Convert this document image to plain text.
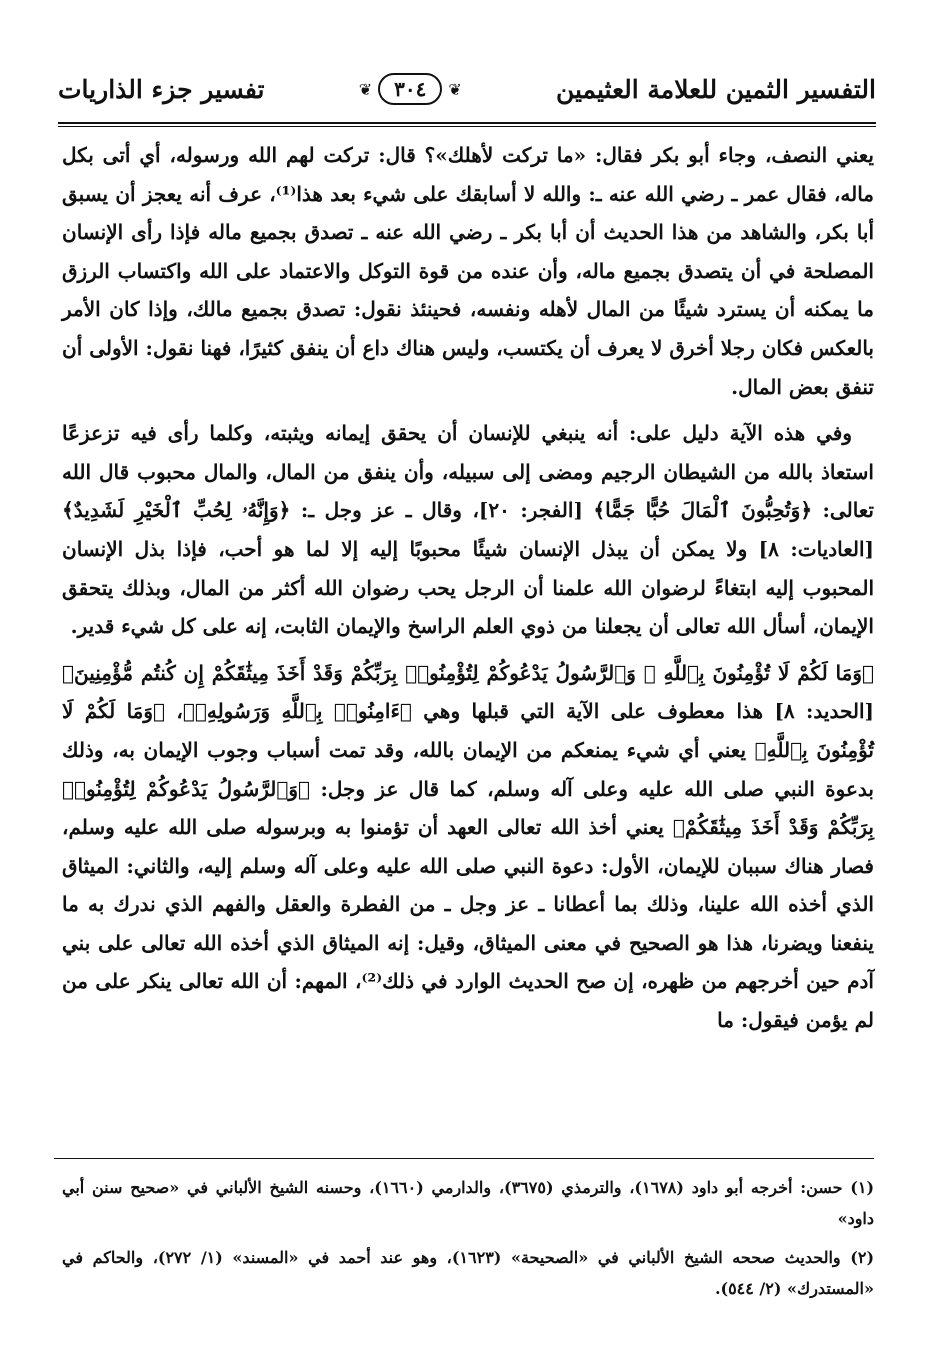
التفسير الثمين للعلامة العثيمين
❦	٣٠٤	❦
تفسير جزء الذاريات

يعني النصف، وجاء أبو بكر فقال: «ما تركت لأهلك»؟ قال: تركت لهم الله ورسوله، أي أتى بكل ماله، فقال عمر ـ رضي الله عنه ـ: والله لا أسابقك على شيء بعد هذا⁽¹⁾، عرف أنه يعجز أن يسبق أبا بكر، والشاهد من هذا الحديث أن أبا بكر ـ رضي الله عنه ـ تصدق بجميع ماله فإذا رأى الإنسان المصلحة في أن يتصدق بجميع ماله، وأن عنده من قوة التوكل والاعتماد على الله واكتساب الرزق ما يمكنه أن يسترد شيئًا من المال لأهله ونفسه، فحينئذ نقول: تصدق بجميع مالك، وإذا كان الأمر بالعكس فكان رجلا أخرق لا يعرف أن يكتسب، وليس هناك داع أن ينفق كثيرًا، فهنا نقول: الأولى أن تنفق بعض المال.

وفي هذه الآية دليل على: أنه ينبغي للإنسان أن يحقق إيمانه ويثبته، وكلما رأى فيه تزعزعًا استعاذ بالله من الشيطان الرجيم ومضى إلى سبيله، وأن ينفق من المال، والمال محبوب قال الله تعالى: ﴿وَتُحِبُّونَ ٱلْمَالَ حُبًّا جَمًّا﴾ [الفجر: ٢٠]، وقال ـ عز وجل ـ: ﴿وَإِنَّهُۥ لِحُبِّ ٱلْخَيْرِ لَشَدِيدٌ﴾ [العاديات: ٨] ولا يمكن أن يبذل الإنسان شيئًا محبوبًا إليه إلا لما هو أحب، فإذا بذل الإنسان المحبوب إليه ابتغاءً لرضوان الله علمنا أن الرجل يحب رضوان الله أكثر من المال، وبذلك يتحقق الإيمان، أسأل الله تعالى أن يجعلنا من ذوي العلم الراسخ والإيمان الثابت، إنه على كل شيء قدير.

﴿وَمَا لَكُمْ لَا تُؤْمِنُونَ بِٱللَّهِ ۙ وَٱلرَّسُولُ يَدْعُوكُمْ لِتُؤْمِنُوا۟ بِرَبِّكُمْ وَقَدْ أَخَذَ مِيثَٰقَكُمْ إِن كُنتُم مُّؤْمِنِينَ﴾ [الحديد: ٨] هذا معطوف على الآية التي قبلها وهي ﴿ءَامِنُوا۟ بِٱللَّهِ وَرَسُولِهِۦ﴾، ﴿وَمَا لَكُمْ لَا تُؤْمِنُونَ بِٱللَّهِ﴾ يعني أي شيء يمنعكم من الإيمان بالله، وقد تمت أسباب وجوب الإيمان به، وذلك بدعوة النبي صلى الله عليه وعلى آله وسلم، كما قال عز وجل: ﴿وَٱلرَّسُولُ يَدْعُوكُمْ لِتُؤْمِنُوا۟ بِرَبِّكُمْ وَقَدْ أَخَذَ مِيثَٰقَكُمْ﴾ يعني أخذ الله تعالى العهد أن تؤمنوا به وبرسوله صلى الله عليه وسلم، فصار هناك سببان للإيمان، الأول: دعوة النبي صلى الله عليه وعلى آله وسلم إليه، والثاني: الميثاق الذي أخذه الله علينا، وذلك بما أعطانا ـ عز وجل ـ من الفطرة والعقل والفهم الذي ندرك به ما ينفعنا ويضرنا، هذا هو الصحيح في معنى الميثاق، وقيل: إنه الميثاق الذي أخذه الله تعالى على بني آدم حين أخرجهم من ظهره، إن صح الحديث الوارد في ذلك⁽²⁾، المهم: أن الله تعالى ينكر على من لم يؤمن فيقول: ما

(١) حسن: أخرجه أبو داود (١٦٧٨)، والترمذي (٣٦٧٥)، والدارمي (١٦٦٠)، وحسنه الشيخ الألباني في «صحيح سنن أبي داود»

(٢) والحديث صححه الشيخ الألباني في «الصحيحة» (١٦٢٣)، وهو عند أحمد في «المسند» (١/ ٢٧٢)، والحاكم في «المستدرك» (٢/ ٥٤٤).
